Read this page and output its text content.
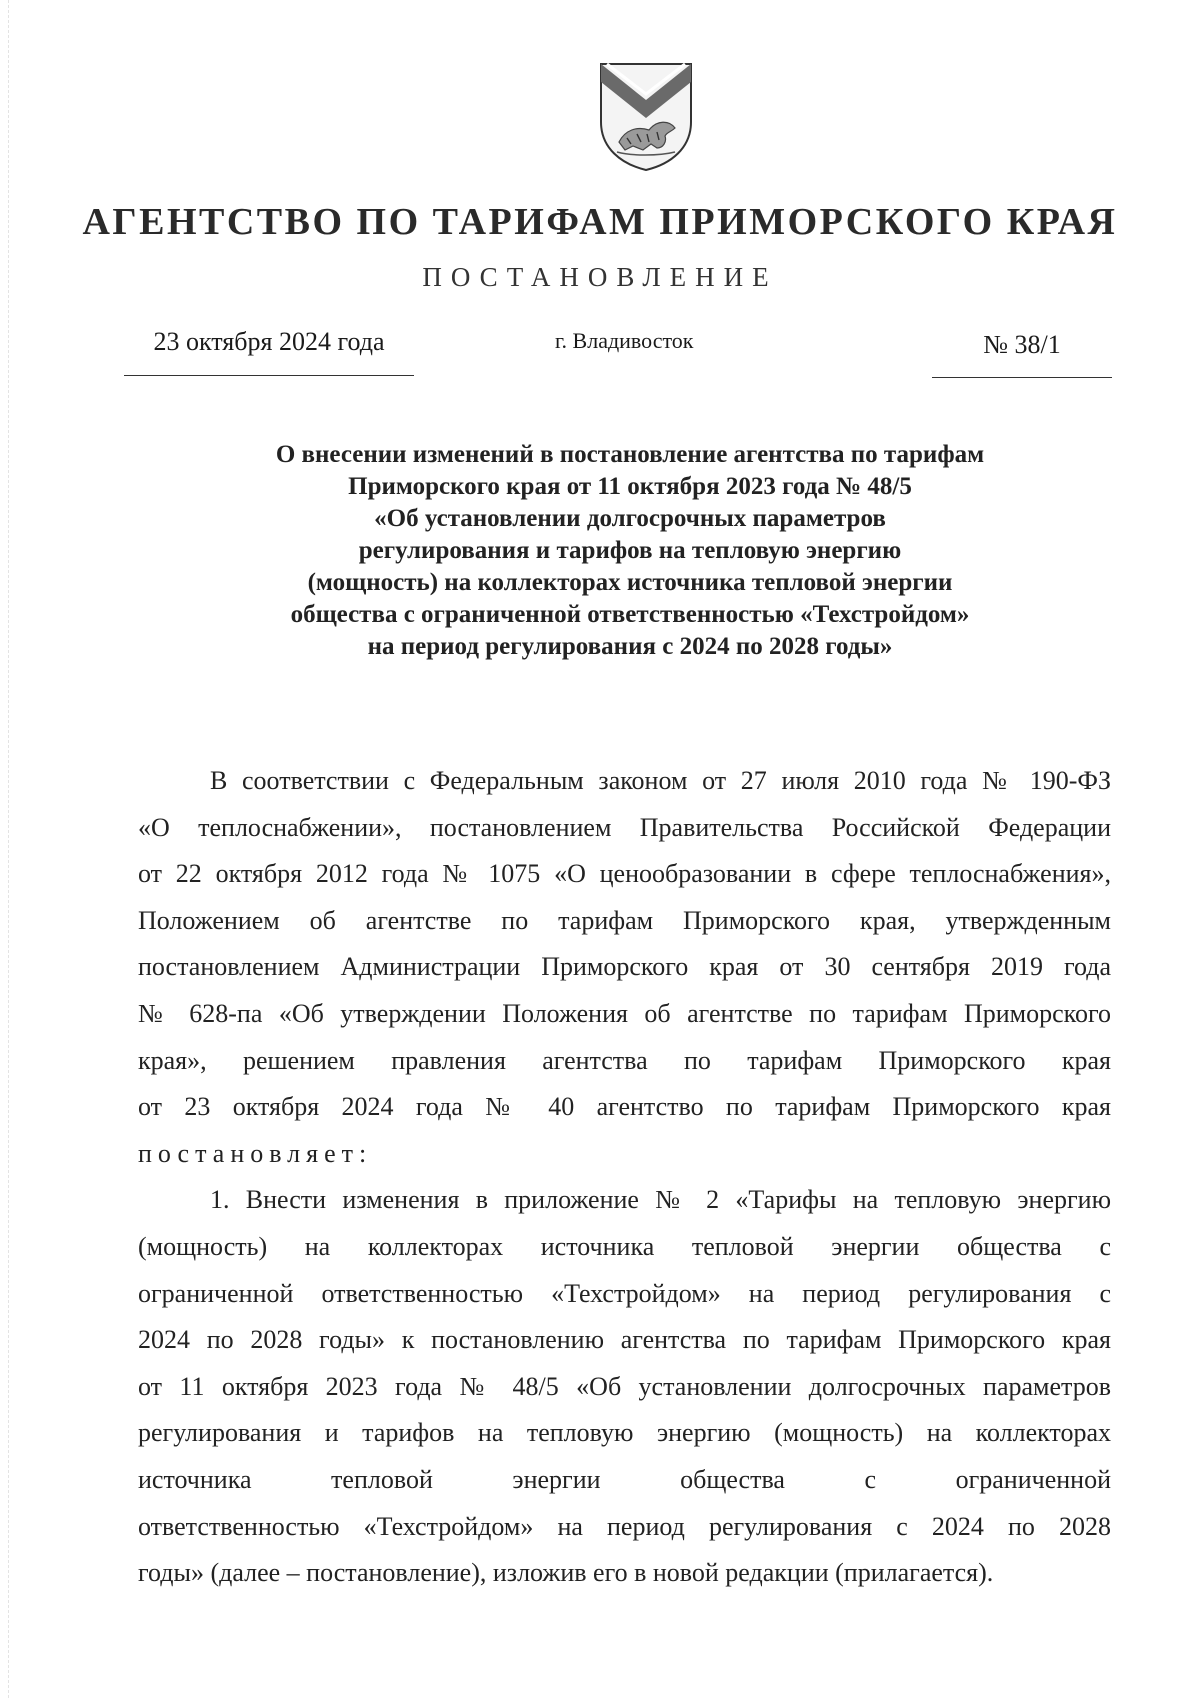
АГЕНТСТВО ПО ТАРИФАМ ПРИМОРСКОГО КРАЯ
ПОСТАНОВЛЕНИЕ
23 октября 2024 года	г. Владивосток	№ 38/1
О внесении изменений в постановление агентства по тарифам
Приморского края от 11 октября 2023 года № 48/5
«Об установлении долгосрочных параметров
регулирования и тарифов на тепловую энергию
(мощность) на коллекторах источника тепловой энергии
общества с ограниченной ответственностью «Техстройдом»
на период регулирования с 2024 по 2028 годы»
В соответствии с Федеральным законом от 27 июля 2010 года № 190-ФЗ
«О теплоснабжении», постановлением Правительства Российской Федерации
от 22 октября 2012 года № 1075 «О ценообразовании в сфере теплоснабжения»,
Положением об агентстве по тарифам Приморского края, утвержденным
постановлением Администрации Приморского края от 30 сентября 2019 года
№ 628-па «Об утверждении Положения об агентстве по тарифам Приморского
края», решением правления агентства по тарифам Приморского края
от 23 октября 2024 года № 40 агентство по тарифам Приморского края
постановляет:
1. Внести изменения в приложение № 2 «Тарифы на тепловую энергию
(мощность) на коллекторах источника тепловой энергии общества с
ограниченной ответственностью «Техстройдом» на период регулирования с
2024 по 2028 годы» к постановлению агентства по тарифам Приморского края
от 11 октября 2023 года № 48/5 «Об установлении долгосрочных параметров
регулирования и тарифов на тепловую энергию (мощность) на коллекторах
источника тепловой энергии общества с ограниченной
ответственностью «Техстройдом» на период регулирования с 2024 по 2028
годы» (далее – постановление), изложив его в новой редакции (прилагается).
